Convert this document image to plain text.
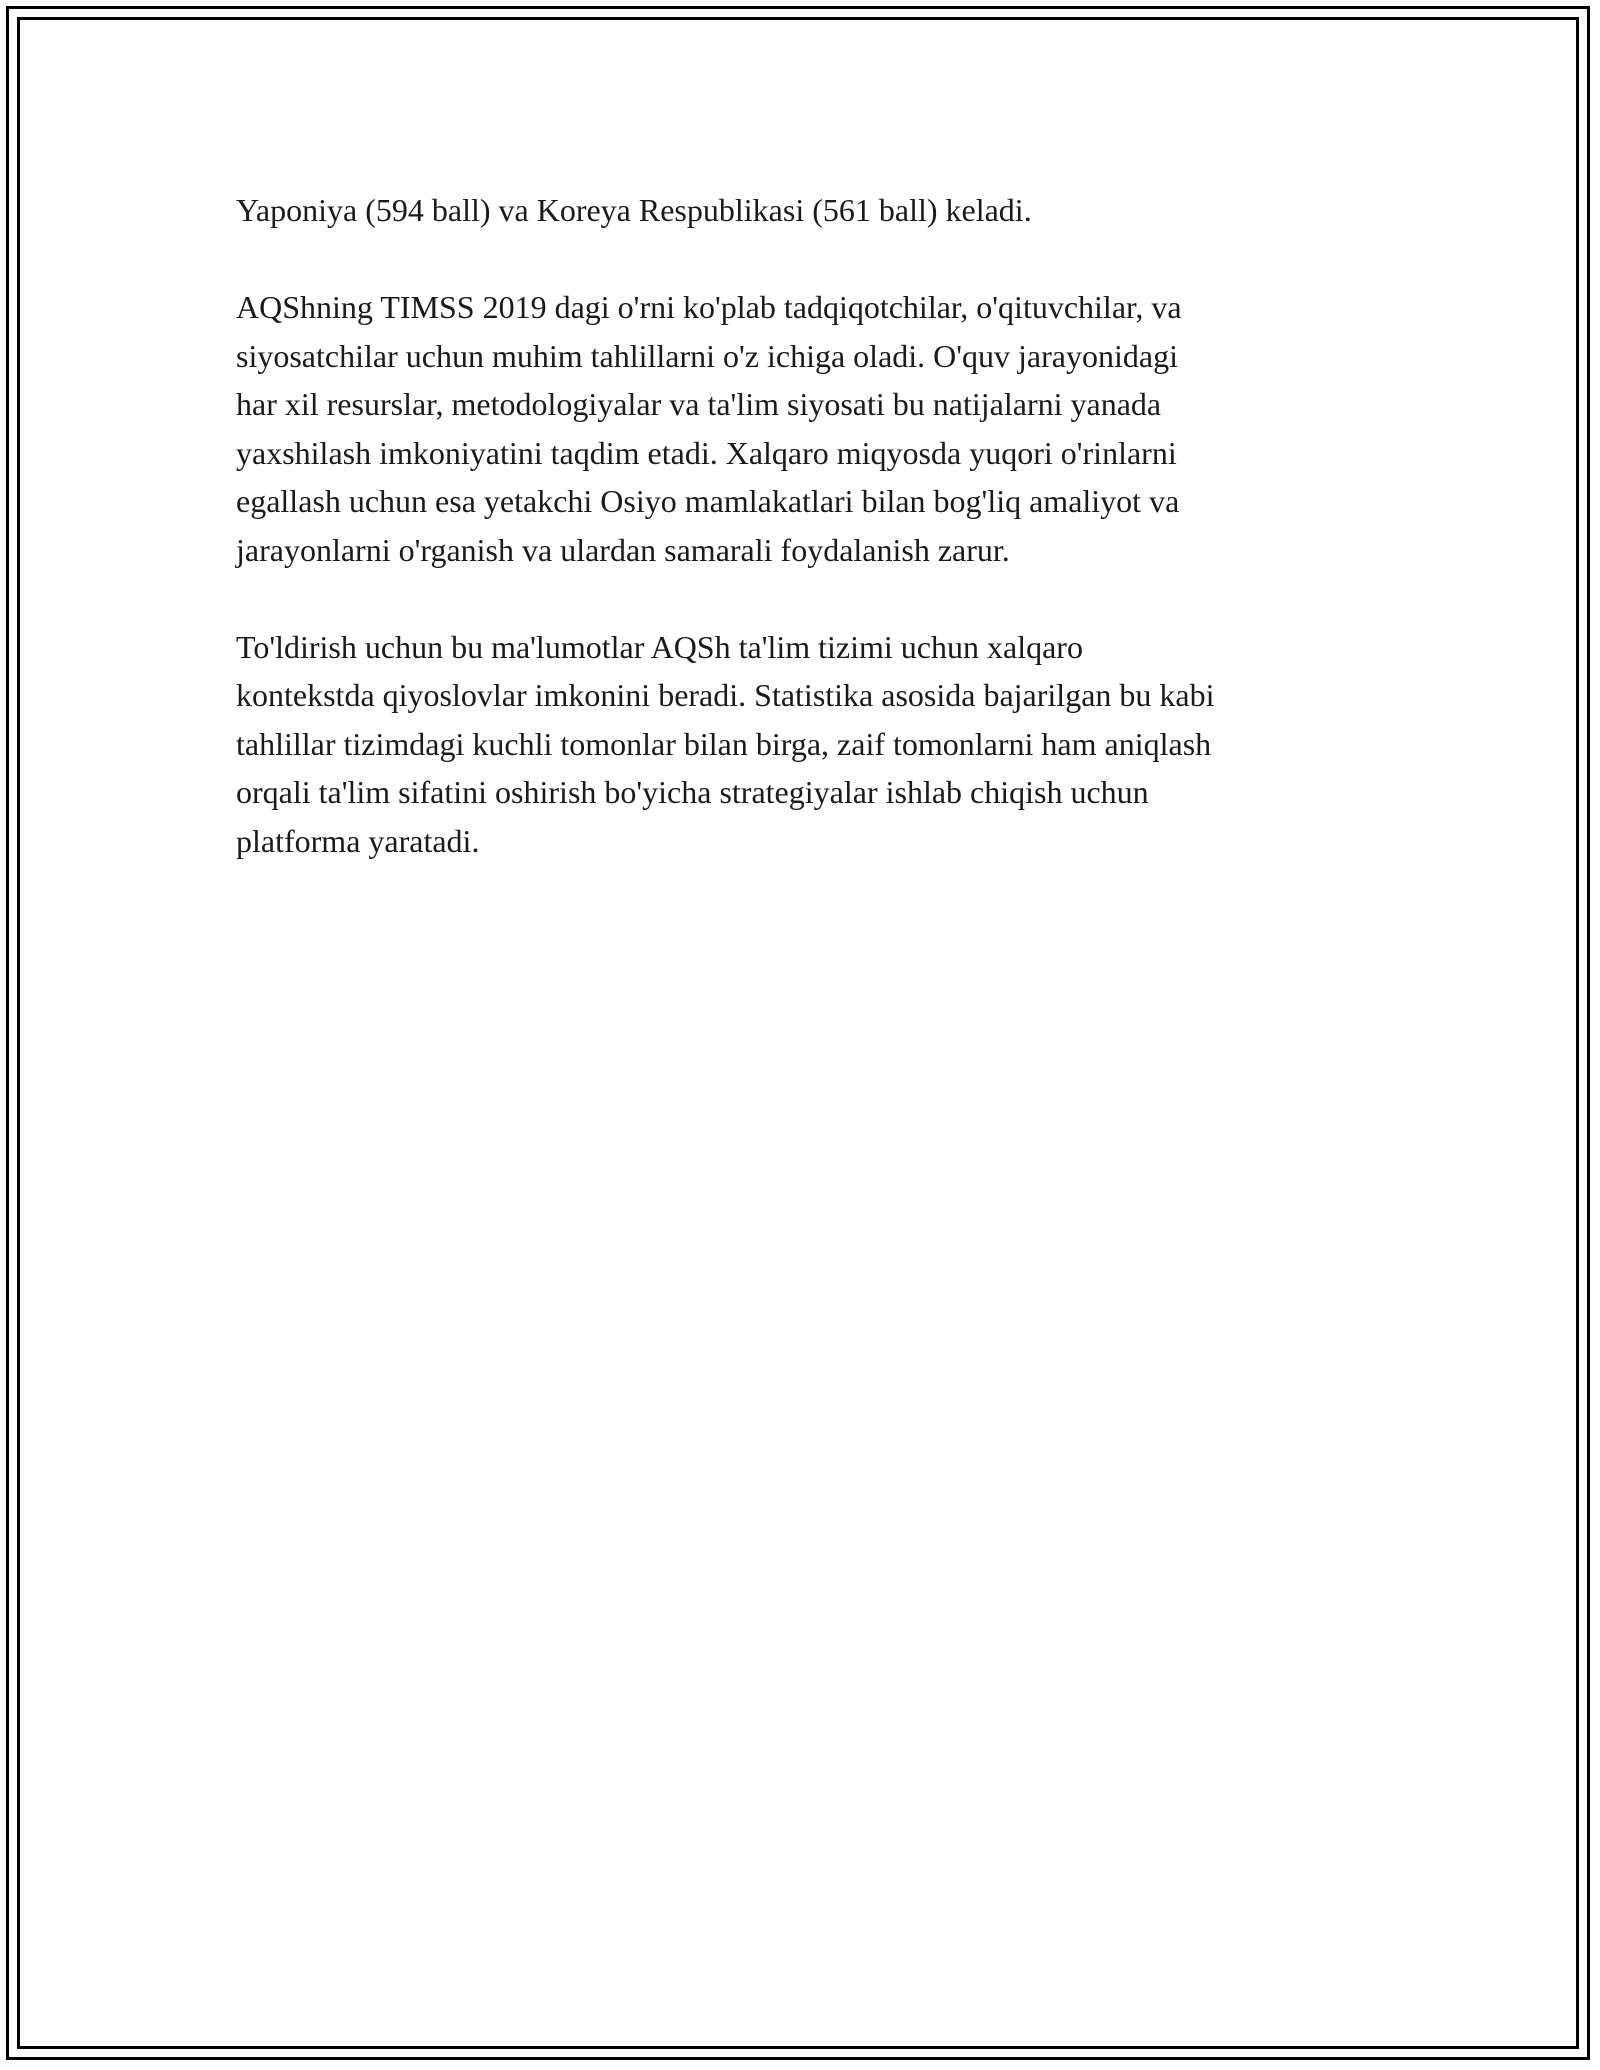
Yaponiya (594 ball) va Koreya Respublikasi (561 ball) keladi.

AQShning TIMSS 2019 dagi o'rni ko'plab tadqiqotchilar, o'qituvchilar, va
siyosatchilar uchun muhim tahlillarni o'z ichiga oladi. O'quv jarayonidagi
har xil resurslar, metodologiyalar va ta'lim siyosati bu natijalarni yanada
yaxshilash imkoniyatini taqdim etadi. Xalqaro miqyosda yuqori o'rinlarni
egallash uchun esa yetakchi Osiyo mamlakatlari bilan bog'liq amaliyot va
jarayonlarni o'rganish va ulardan samarali foydalanish zarur.

To'ldirish uchun bu ma'lumotlar AQSh ta'lim tizimi uchun xalqaro
kontekstda qiyoslovlar imkonini beradi. Statistika asosida bajarilgan bu kabi
tahlillar tizimdagi kuchli tomonlar bilan birga, zaif tomonlarni ham aniqlash
orqali ta'lim sifatini oshirish bo'yicha strategiyalar ishlab chiqish uchun
platforma yaratadi.
